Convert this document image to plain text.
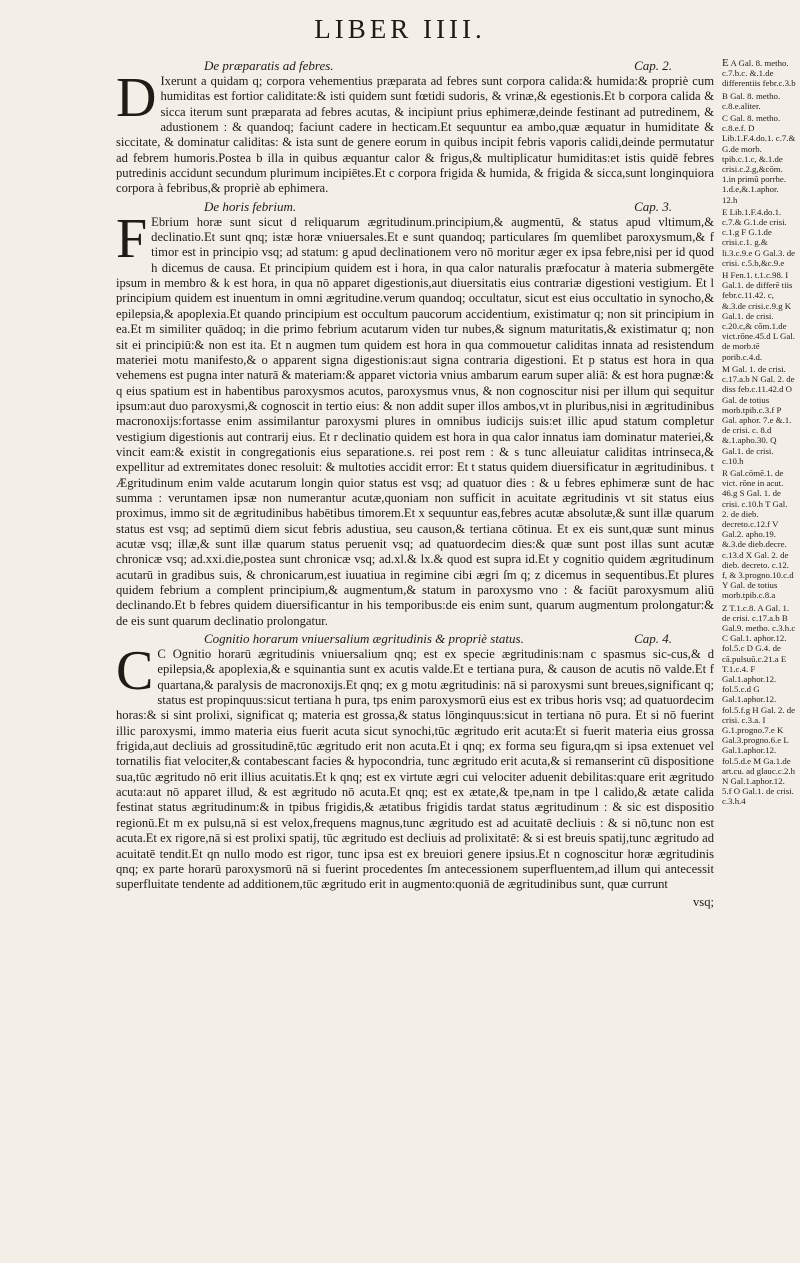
LIBER IIII.
De præparatis ad febres.	Cap. 2.

D Ixerunt a quidam q; corpora vehementius præparata ad febres sunt corpora calida:& humida:& propriè cum humiditas est fortior caliditate:& isti quidem sunt fœtidi sudoris, & vrinæ,& egestionis.Et b corpora calida & sicca iterum sunt præparata ad febres acutas, & incipiunt prius ephimeræ,deinde festinant ad putredinem, & adustionem : & quandoq; faciunt cadere in hecticam.Et sequuntur ea ambo,quæ æquatur in humiditate & siccitate, & dominatur caliditas: & ista sunt de genere eorum in quibus incipit febris vaporis calidi,deinde permutatur ad febrem humoris.Postea b illa in quibus æquantur calor & frigus,& multiplicatur humiditas:et istis quidē febres putredinis accidunt secundum plurimum incipiētes.Et c corpora frigida & humida, & frigida & sicca,sunt longinquiora corpora à febribus,& propriè ab ephimera.

De horis febrium.	Cap. 3.

F Ebrium horæ sunt sicut d reliquarum ægritudinum.principium,& augmentū, & status apud vltimum,& declinatio.Et sunt qnq; istæ horæ vniuersales.Et e sunt quandoq; particulares ſm quemlibet paroxysmum,& f timor est in principio vsq; ad statum: g apud declinationem vero nō moritur æger ex ipsa febre,nisi per id quod h dicemus de causa. Et principium quidem est i hora, in qua calor naturalis præfocatur à materia submergēte ipsum in membro & k est hora, in qua nō apparet digestionis,aut diuersitatis eius contrariæ digestioni vestigium. Et l principium quidem est inuentum in omni ægritudine.verum quandoq; occultatur, sicut est eius occultatio in synocho,& epilepsia,& apoplexia.Et quando principium est occultum paucorum accidentium, existimatur q; non sit principium in ea.Et m similiter quādoq; in die primo febrium acutarum viden tur nubes,& signum maturitatis,& existimatur q; non sit ei principiū:& non est ita. Et n augmen tum quidem est hora in qua commouetur caliditas innata ad resistendum materiei motu manifesto,& o apparent signa digestionis:aut signa contraria digestioni. Et p status est hora in qua vehemens est pugna inter naturā & materiam:& apparet victoria vnius ambarum earum super aliā: & est hora pugnæ:& q eius spatium est in habentibus paroxysmos acutos, paroxysmus vnus, & non cognoscitur nisi per illum qui sequitur ipsum:aut duo paroxysmi,& cognoscit in tertio eius: & non addit super illos ambos,vt in pluribus,nisi in ægritudinibus macronoxijs:fortasse enim assimilantur paroxysmi plures in omnibus iudicijs suis:et illic apud statum completur vestigium digestionis aut contrarij eius. Et r declinatio quidem est hora in qua calor innatus iam dominatur materiei,& vincit eam:& existit in congregationis eius separatione.s. rei post rem : & s tunc alleuiatur caliditas intrinseca,& expellitur ad extremitates donec resoluit: & multoties accidit error: Et t status quidem diuersificatur in ægritudinibus. t Ægritudinum enim valde acutarum longin quior status est vsq; ad quatuor dies : & u febres ephimeræ sunt de hac summa : veruntamen ipsæ non numerantur acutæ,quoniam non sufficit in acuitate ægritudinis vt sit status eius proximus, immo sit de ægritudinibus habētibus timorem.Et x sequuntur eas,febres acutæ absolutæ,& sunt illæ quarum status est vsq; ad septimū diem sicut febris adustiua, seu causon,& tertiana cōtinua. Et ex eis sunt,quæ sunt minus acutæ vsq; illæ,& sunt illæ quarum status peruenit vsq; ad quatuordecim dies:& quæ sunt post illas sunt acutæ chronicæ vsq; ad.xxi.die,postea sunt chronicæ vsq; ad.xl.& lx.& quod est supra id.Et y cognitio quidem ægritudinum acutarū in gradibus suis, & chronicarum,est iuuatiua in regimine cibi ægri ſm q; z dicemus in sequentibus.Et plures quidem febrium a complent principium,& augmentum,& statum in paroxysmo vno : & faciūt paroxysmum aliū declinando.Et b febres quidem diuersificantur in his temporibus:de eis enim sunt, quarum augmentum prolongatur:& de eis sunt quarum declinatio prolongatur.

Cognitio horarum vniuersalium ægritudinis & propriè status.	Cap. 4.

C C Ognitio horarū ægritudinis vniuersalium qnq; est ex specie ægritudinis:nam c spasmus sic-cus,& d epilepsia,& apoplexia,& e squinantia sunt ex acutis valde.Et e tertiana pura, & causon de acutis nō valde.Et f quartana,& paralysis de macronoxijs.Et qnq; ex g motu ægritudinis: nā si paroxysmi sunt breues,significant q; status est propinquus:sicut tertiana h pura, tps enim paroxysmorū eius est ex tribus horis vsq; ad quatuordecim horas:& si sint prolixi, significat q; materia est grossa,& status lōnginquus:sicut in tertiana nō pura. Et si nō fuerint illic paroxysmi, immo materia eius fuerit acuta sicut synochi,tūc ægritudo erit acuta:Et si fuerit materia eius grossa frigida,aut decliuis ad grossitudinē,tūc ægritudo erit non acuta.Et i qnq; ex forma seu figura,qm si ipsa extenuet vel tornatilis fiat velociter,& contabescant facies & hypocondria, tunc ægritudo erit acuta,& si remanserint cū dispositione sua,tūc ægritudo nō erit illius acuitatis.Et k qnq; est ex virtute ægri cui velociter aduenit debilitas:quare erit ægritudo acuta:aut nō apparet illud, & est ægritudo nō acuta.Et qnq; est ex ætate,& tpe,nam in tpe l calido,& ætate calida festinat status ægritudinum:& in tpibus frigidis,& ætatibus frigidis tardat status ægritudinum : & sic est dispositio regionū.Et m ex pulsu,nā si est velox,frequens magnus,tunc ægritudo est ad acuitatē decliuis : & si nō,tunc non est acuta.Et ex rigore,nā si est prolixi spatij, tūc ægritudo est decliuis ad prolixitatē: & si est breuis spatij,tunc ægritudo ad acuitatē tendit.Et qn nullo modo est rigor, tunc ipsa est ex breuiori genere ipsius.Et n cognoscitur horæ ægritudinis qnq; ex parte horarū paroxysmorū nā si fuerint procedentes ſm antecessionem superfluentem,ad illum qui antecessit superfluitate tendente ad additionem,tūc ægritudo erit in augmento:quoniā de ægritudinibus sunt, quæ currunt

vsq;
E A Gal. 8. metho. c.7.b.c. &.1.de differentiis febr.c.3.b
B Gal. 8. metho. c.8.e.aliter.
C Gal. 8. metho. c.8.e.f. D Lib.1.F.4.do.1. c.7.& G.de morb. tpib.c.1.c, &.1.de crisi.c.2.g,&cōm. 1.in primū porrhe. 1.d.e,&.1.aphor. 12.h
E Lib.1.F.4.do.1. c.7.& G.1.de crisi. c.1.g F G.1.de crisi.c.1. g.& li.3.c.9.e G Gal.3. de crisi. c.5.b,&c.9.e
H Fen.1. t.1.c.98. I Gal.1. de differē tiis febr.c.11.42. c, &.3.de crisi.c.9.g K Gal.1. de crisi. c.20.c,& cōm.1.de vict.rōne.45.d L Gal. de morb.tē porib.c.4.d.
M Gal. 1. de crisi. c.17.a.b N Gal. 2. de diss feb.c.11.42.d O Gal. de totius morb.tpib.c.3.f P Gal. aphor. 7.e &.1. de crisi. c. 8.d &.1.apho.30. Q Gal.1. de crisi. c.10.h
R Gal.cōmē.1. de vict. rōne in acut. 46.g S Gal. 1. de crisi. c.10.h T Gal. 2. de dieb. decreto.c.12.f V Gal.2. apho.19. &.3.de dieb.decre. c.13.d X Gal. 2. de dieb. decreto. c.12. f, & 3.progno.10.c.d Y Gal. de totius morb.tpib.c.8.a
Z T.1.c.8. A Gal. 1. de crisi. c.17.a.b B Gal.9. metho. c.3.h.c C Gal.1. aphor.12. fol.5.c D G.4. de cā.pulsuū.c.21.a E T.1.c.4. F Gal.1.aphor.12. fol.5.c.d G Gal.1.aphor.12. fol.5.f.g H Gal. 2. de crisi. c.3.a. I G.1.progno.7.e K Gal.3.progno.6.e L Gal.1.aphor.12. fol.5.d.e M Ga.1.de art.cu. ad glauc.c.2.h N Gal.1.aphor.12. 5.f O Gal.1. de crisi. c.3.h.4
